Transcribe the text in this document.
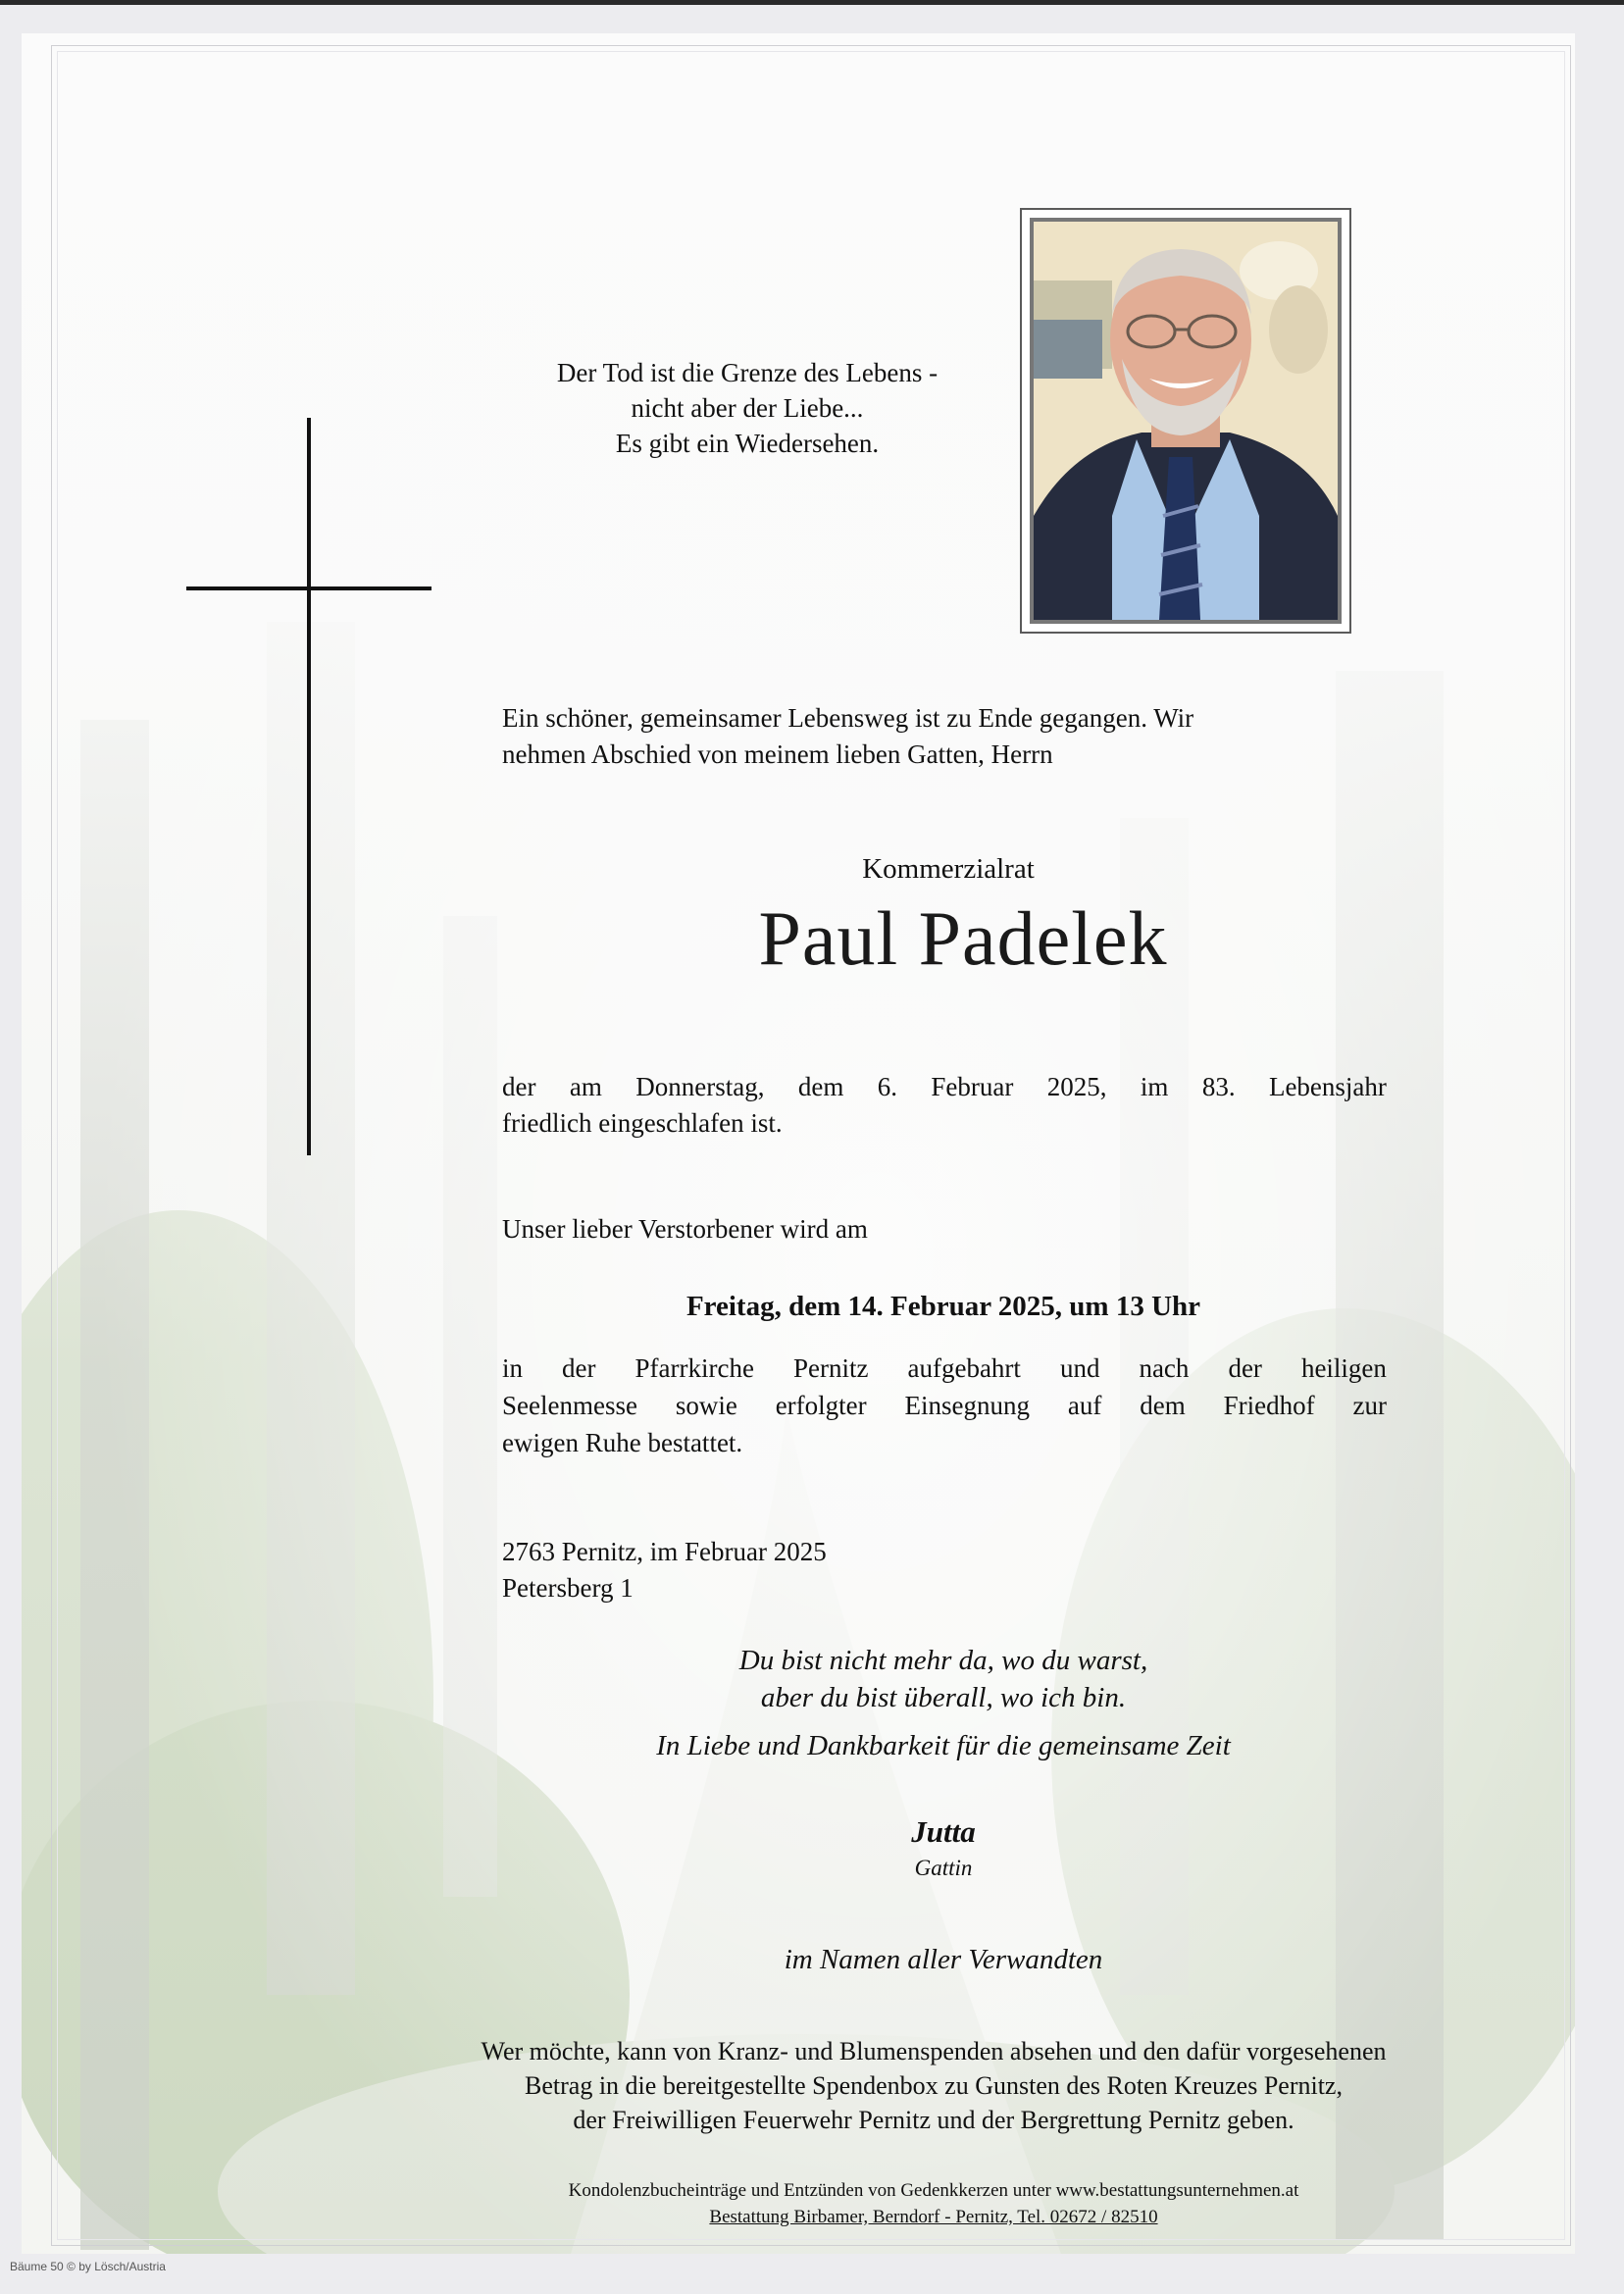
Der Tod ist die Grenze des Lebens -
nicht aber der Liebe...
Es gibt ein Wiedersehen.
Ein schöner, gemeinsamer Lebensweg ist zu Ende gegangen. Wir
nehmen Abschied von meinem lieben Gatten, Herrn
Kommerzialrat
Paul Padelek
der am Donnerstag, dem 6. Februar 2025, im 83. Lebensjahr
friedlich eingeschlafen ist.
Unser lieber Verstorbener wird am
Freitag, dem 14. Februar 2025, um 13 Uhr
in der Pfarrkirche Pernitz aufgebahrt und nach der heiligen
Seelenmesse sowie erfolgter Einsegnung auf dem Friedhof zur
ewigen Ruhe bestattet.
2763 Pernitz, im Februar 2025
Petersberg 1
Du bist nicht mehr da, wo du warst,
aber du bist überall, wo ich bin.
In Liebe und Dankbarkeit für die gemeinsame Zeit
Jutta
Gattin
im Namen aller Verwandten
Wer möchte, kann von Kranz- und Blumenspenden absehen und den dafür vorgesehenen
Betrag in die bereitgestellte Spendenbox zu Gunsten des Roten Kreuzes Pernitz,
der Freiwilligen Feuerwehr Pernitz und der Bergrettung Pernitz geben.
Kondolenzbucheinträge und Entzünden von Gedenkkerzen unter www.bestattungsunternehmen.at
Bestattung Birbamer, Berndorf - Pernitz, Tel. 02672 / 82510
Bäume 50 © by Lösch/Austria
